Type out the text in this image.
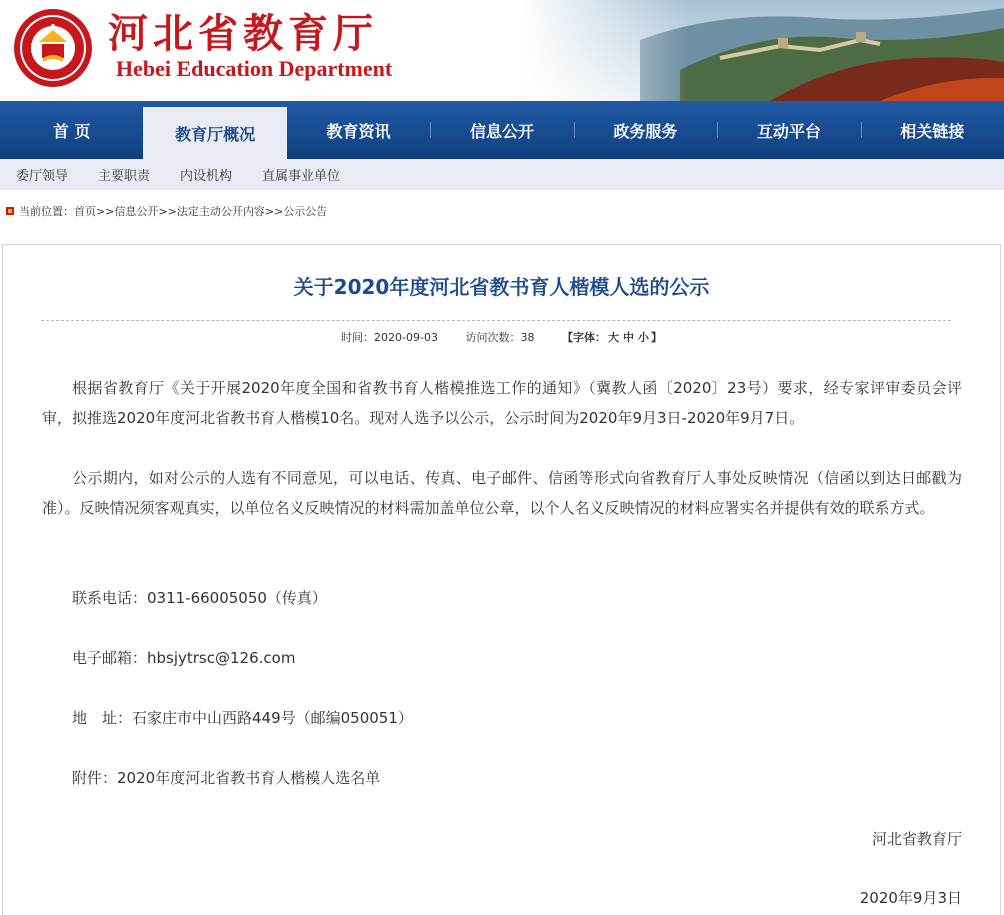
河北省教育厅
Hebei Education Department
首 页	教育厅概况	教育资讯	信息公开	政务服务	互动平台	相关链接
委厅领导 主要职责 内设机构 直属事业单位
当前位置： 首页 >> 信息公开 >> 法定主动公开内容 >> 公示公告
关于2020年度河北省教书育人楷模人选的公示
时间：2020-09-03	访问次数：38	【字体： 大 中 小 】

根据省教育厅《关于开展2020年度全国和省教书育人楷模推选工作的通知》（冀教人函〔2020〕23号）要求，经专家评审委员会评审，拟推选2020年度河北省教书育人楷模10名。现对人选予以公示，公示时间为2020年9月3日-2020年9月7日。

公示期内，如对公示的人选有不同意见，可以电话、传真、电子邮件、信函等形式向省教育厅人事处反映情况（信函以到达日邮戳为准）。反映情况须客观真实，以单位名义反映情况的材料需加盖单位公章，以个人名义反映情况的材料应署实名并提供有效的联系方式。

联系电话：0311-66005050（传真）

电子邮箱：hbsjytrsc@126.com

地　址：石家庄市中山西路449号（邮编050051）

附件：2020年度河北省教书育人楷模人选名单

河北省教育厅
2020年9月3日
